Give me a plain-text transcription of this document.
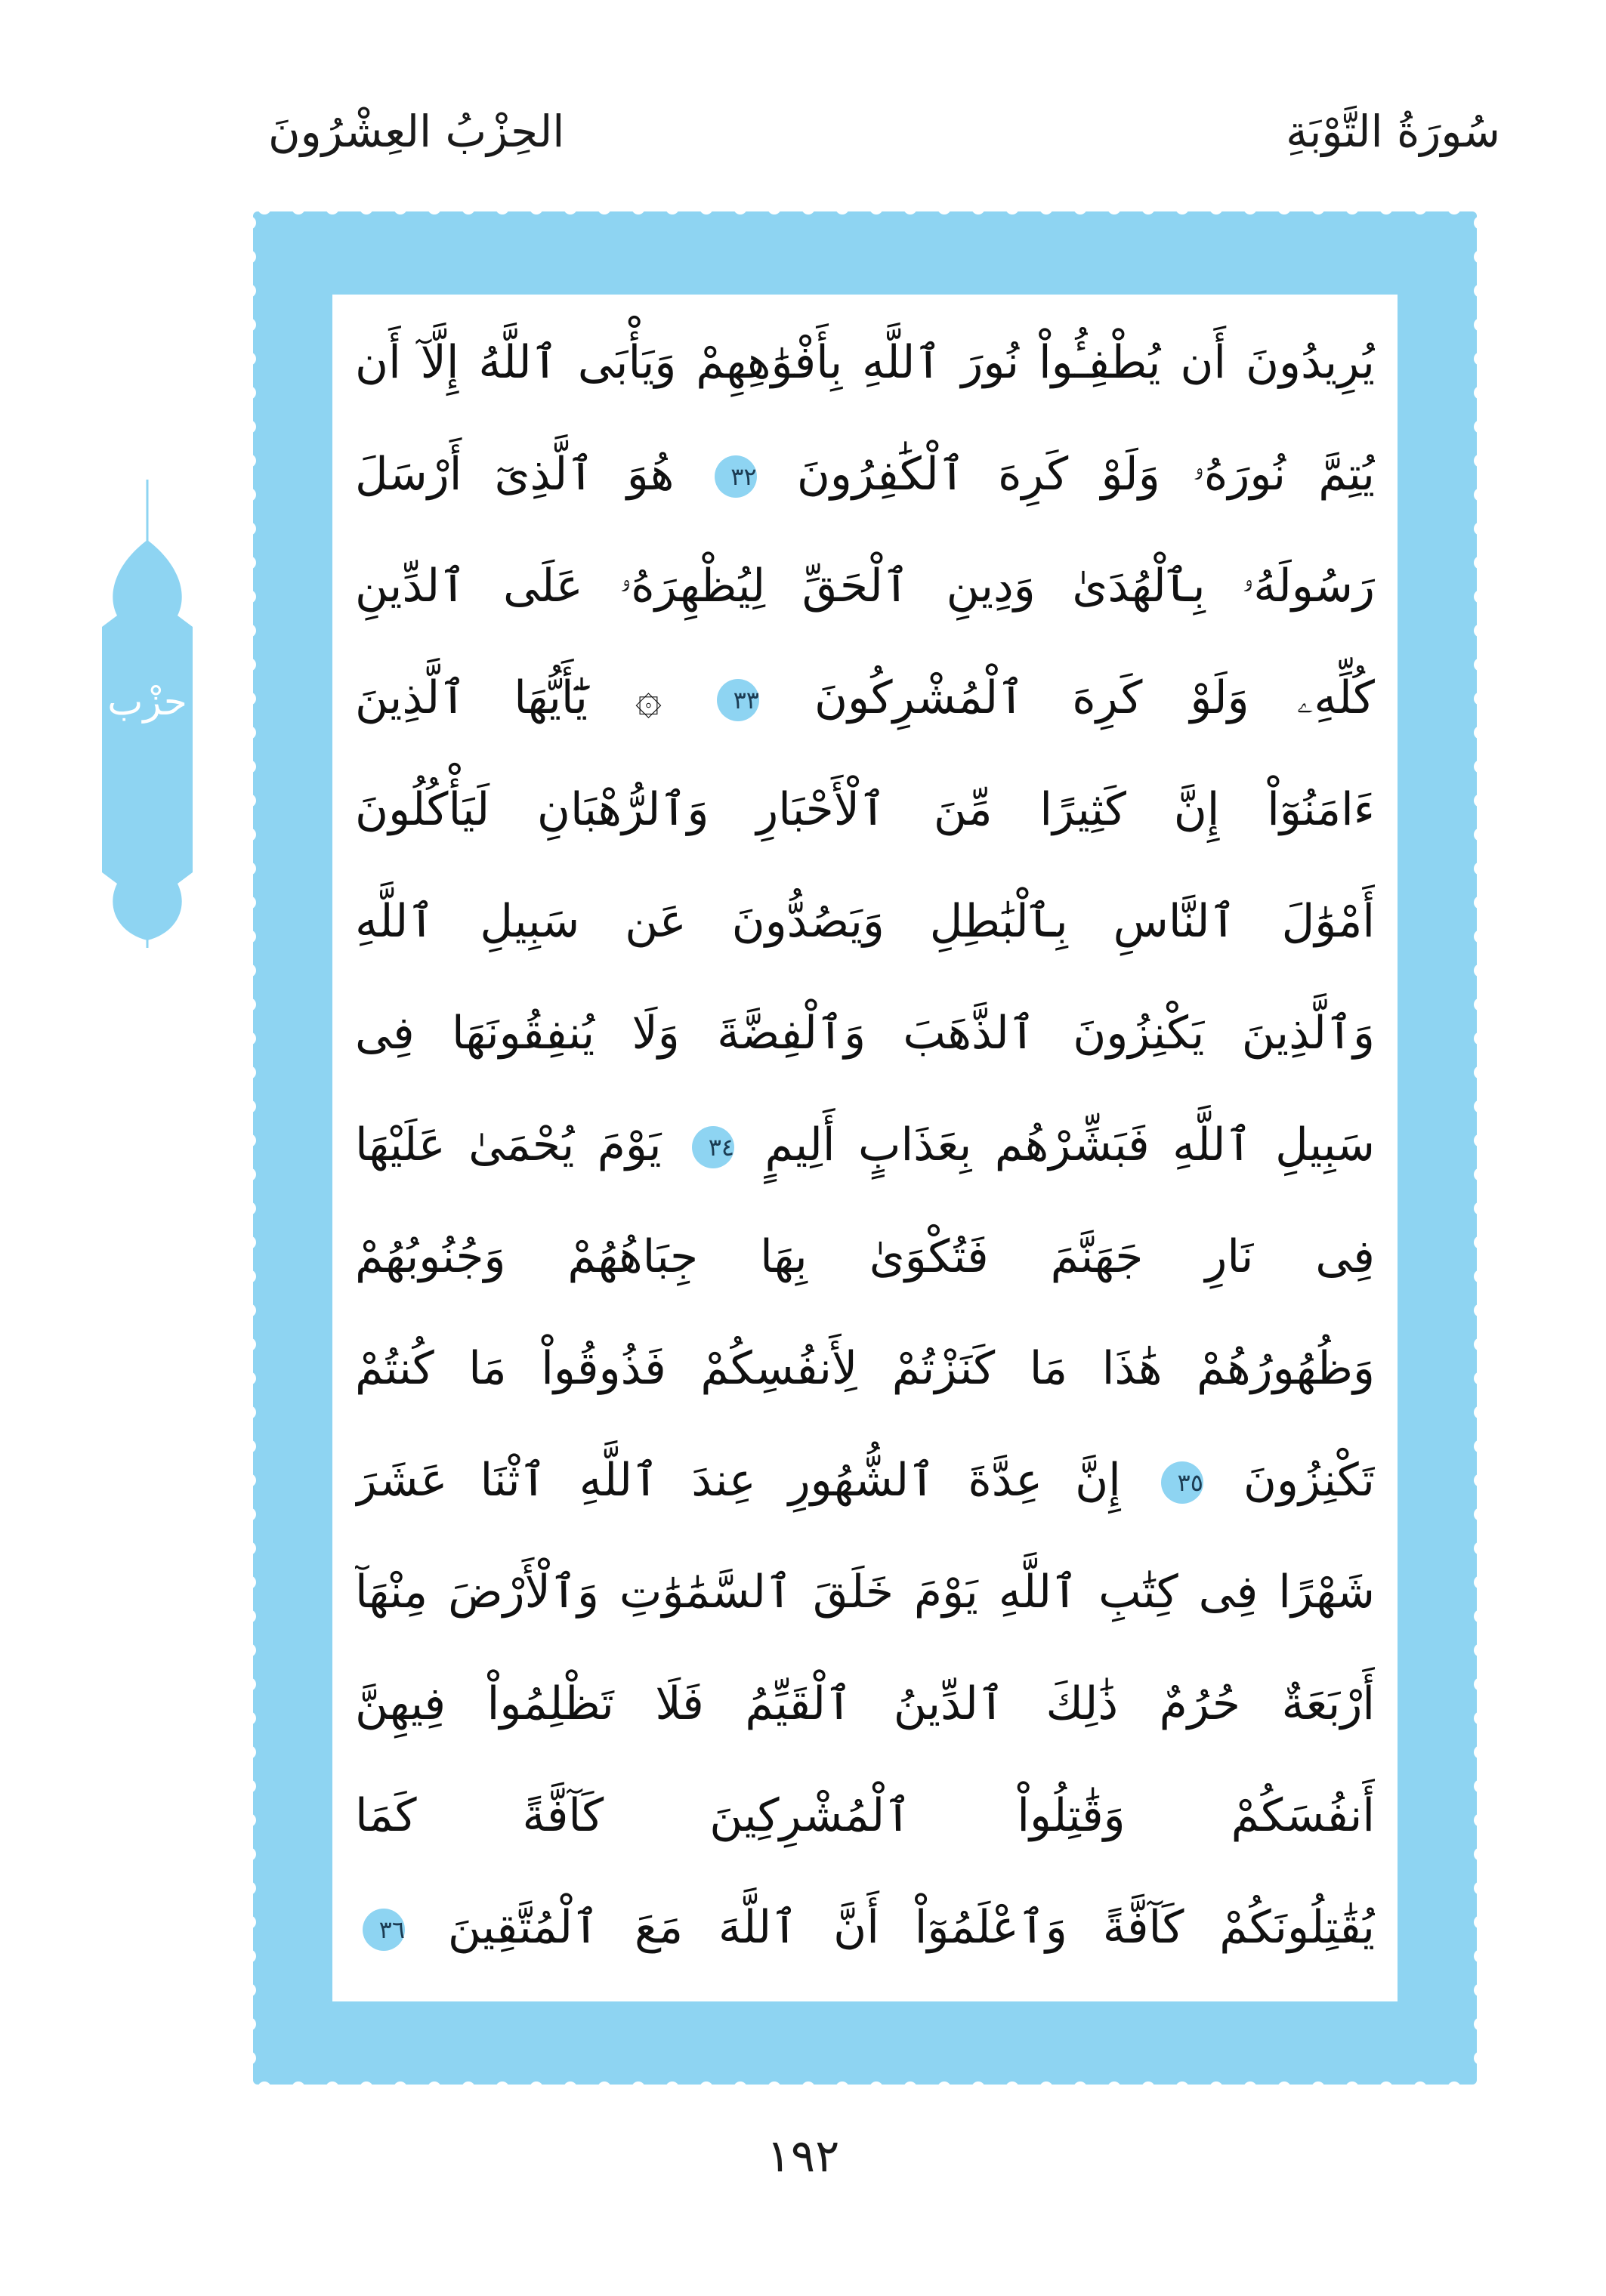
سُورَةُ التَّوْبَةِ
الحِزْبُ العِشْرُونَ
يُرِيدُونَ أَن يُطْفِـُٔواْ نُورَ ٱللَّهِ بِأَفْوَٰهِهِمْ وَيَأْبَى ٱللَّهُ إِلَّآ أَن
يُتِمَّ نُورَهُۥ وَلَوْ كَرِهَ ٱلْكَٰفِرُونَ ٣٢ هُوَ ٱلَّذِىٓ أَرْسَلَ
رَسُولَهُۥ بِٱلْهُدَىٰ وَدِينِ ٱلْحَقِّ لِيُظْهِرَهُۥ عَلَى ٱلدِّينِ
كُلِّهِۦ وَلَوْ كَرِهَ ٱلْمُشْرِكُونَ ٣٣ ۞ يَٰٓأَيُّهَا ٱلَّذِينَ
ءَامَنُوٓاْ إِنَّ كَثِيرًا مِّنَ ٱلْأَحْبَارِ وَٱلرُّهْبَانِ لَيَأْكُلُونَ
أَمْوَٰلَ ٱلنَّاسِ بِٱلْبَٰطِلِ وَيَصُدُّونَ عَن سَبِيلِ ٱللَّهِ
وَٱلَّذِينَ يَكْنِزُونَ ٱلذَّهَبَ وَٱلْفِضَّةَ وَلَا يُنفِقُونَهَا فِى
سَبِيلِ ٱللَّهِ فَبَشِّرْهُم بِعَذَابٍ أَلِيمٍ ٣٤ يَوْمَ يُحْمَىٰ عَلَيْهَا
فِى نَارِ جَهَنَّمَ فَتُكْوَىٰ بِهَا جِبَاهُهُمْ وَجُنُوبُهُمْ
وَظُهُورُهُمْ هَٰذَا مَا كَنَزْتُمْ لِأَنفُسِكُمْ فَذُوقُواْ مَا كُنتُمْ
تَكْنِزُونَ ٣٥ إِنَّ عِدَّةَ ٱلشُّهُورِ عِندَ ٱللَّهِ ٱثْنَا عَشَرَ
شَهْرًا فِى كِتَٰبِ ٱللَّهِ يَوْمَ خَلَقَ ٱلسَّمَٰوَٰتِ وَٱلْأَرْضَ مِنْهَآ
أَرْبَعَةٌ حُرُمٌ ذَٰلِكَ ٱلدِّينُ ٱلْقَيِّمُ فَلَا تَظْلِمُواْ فِيهِنَّ
أَنفُسَكُمْ وَقَٰتِلُواْ ٱلْمُشْرِكِينَ كَآفَّةً كَمَا
يُقَٰتِلُونَكُمْ كَآفَّةً وَٱعْلَمُوٓاْ أَنَّ ٱللَّهَ مَعَ ٱلْمُتَّقِينَ ٣٦
حزْب
١٩٢
